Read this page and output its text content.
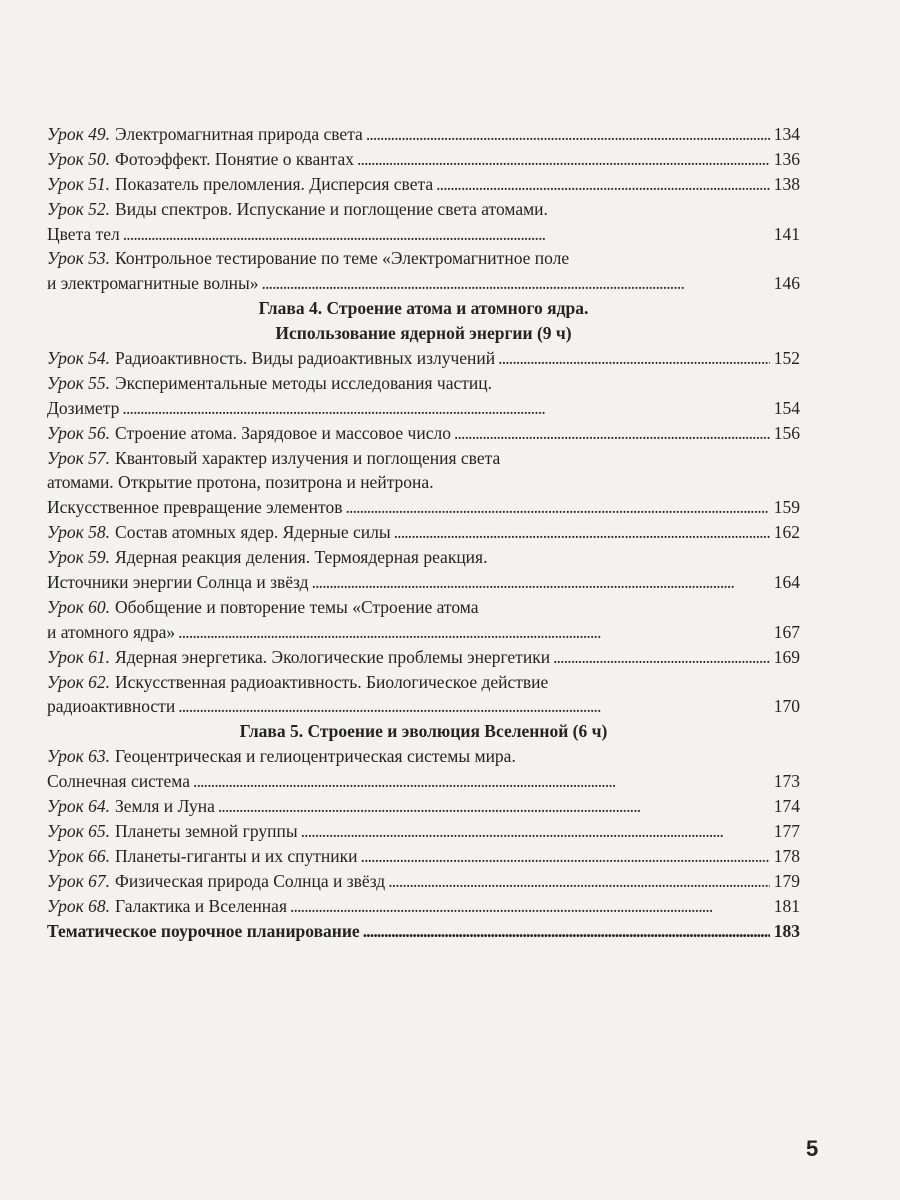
Урок 49. Электромагнитная природа света . . .	134
Урок 50. Фотоэффект. Понятие о квантах . . .	136
Урок 51. Показатель преломления. Дисперсия света . . .	138
Урок 52. Виды спектров. Испускание и поглощение света атомами.
Цвета тел . . .	141
Урок 53. Контрольное тестирование по теме «Электромагнитное поле
и электромагнитные волны» . . .	146
Глава 4. Строение атома и атомного ядра.
Использование ядерной энергии (9 ч)
Урок 54. Радиоактивность. Виды радиоактивных излучений . . .	152
Урок 55. Экспериментальные методы исследования частиц.
Дозиметр . . .	154
Урок 56. Строение атома. Зарядовое и массовое число . . .	156
Урок 57. Квантовый характер излучения и поглощения света
атомами. Открытие протона, позитрона и нейтрона.
Искусственное превращение элементов . . .	159
Урок 58. Состав атомных ядер. Ядерные силы . . .	162
Урок 59. Ядерная реакция деления. Термоядерная реакция.
Источники энергии Солнца и звёзд . . .	164
Урок 60. Обобщение и повторение темы «Строение атома
и атомного ядра» . . .	167
Урок 61. Ядерная энергетика. Экологические проблемы энергетики . . .	169
Урок 62. Искусственная радиоактивность. Биологическое действие
радиоактивности . . .	170
Глава 5. Строение и эволюция Вселенной (6 ч)
Урок 63. Геоцентрическая и гелиоцентрическая системы мира.
Солнечная система . . .	173
Урок 64. Земля и Луна . . .	174
Урок 65. Планеты земной группы . . .	177
Урок 66. Планеты-гиганты и их спутники . . .	178
Урок 67. Физическая природа Солнца и звёзд . . .	179
Урок 68. Галактика и Вселенная . . .	181
Тематическое поурочное планирование . . .	183
5
